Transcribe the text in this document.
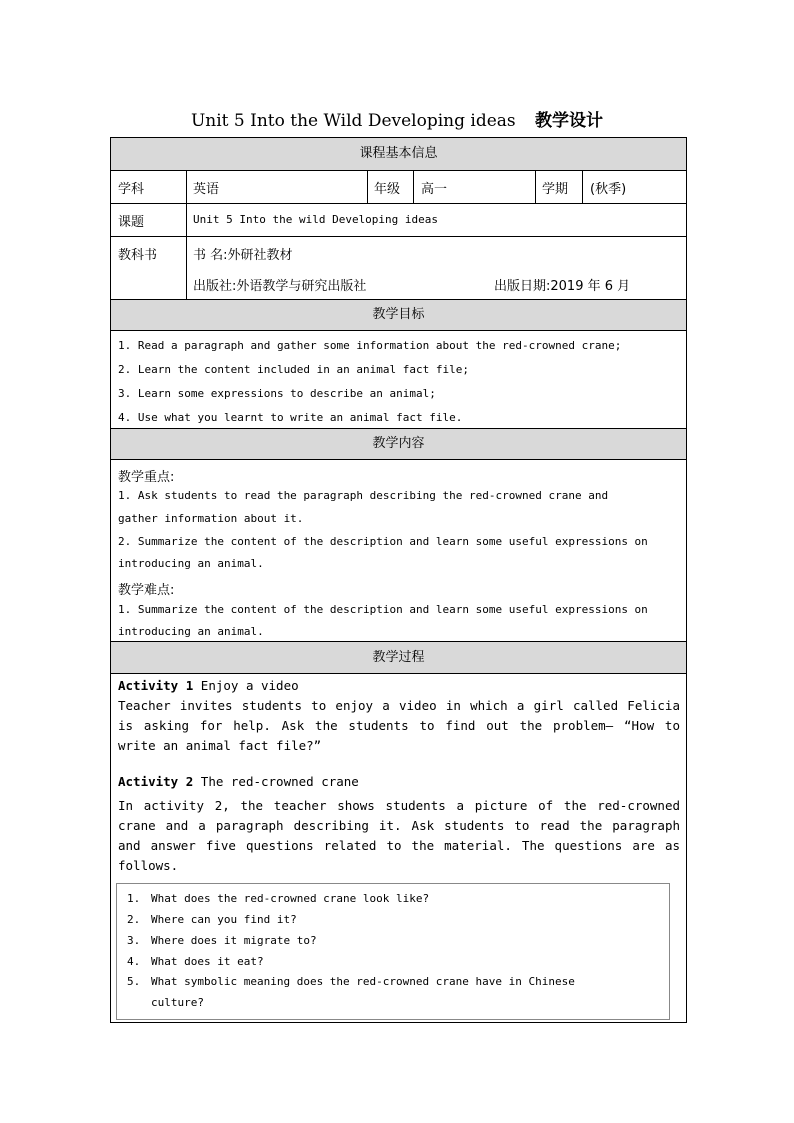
Unit 5 Into the Wild Developing ideas 教学设计
课程基本信息
学科	英语	年级 高一	学期 (秋季)
课题	Unit 5 Into the wild Developing ideas
教科书	书 名:外研社教材
出版社:外语教学与研究出版社	出版日期:2019 年 6 月
教学目标
1. Read a paragraph and gather some information about the red-crowned crane;
2. Learn the content included in an animal fact file;
3. Learn some expressions to describe an animal;
4. Use what you learnt to write an animal fact file.
教学内容
教学重点:
1. Ask students to read the paragraph describing the red-crowned crane and
gather information about it.
2. Summarize the content of the description and learn some useful expressions on
introducing an animal.
教学难点:
1. Summarize the content of the description and learn some useful expressions on
introducing an animal.
教学过程
Activity 1 Enjoy a video
Teacher invites students to enjoy a video in which a girl called Felicia is asking for help. Ask the students to find out the problem— “How to write an animal fact file?”
Activity 2 The red-crowned crane
In activity 2, the teacher shows students a picture of the red-crowned crane and a paragraph describing it. Ask students to read the paragraph and answer five questions related to the material. The questions are as follows.
1. What does the red-crowned crane look like?
2. Where can you find it?
3. Where does it migrate to?
4. What does it eat?
5. What symbolic meaning does the red-crowned crane have in Chinese
culture?
